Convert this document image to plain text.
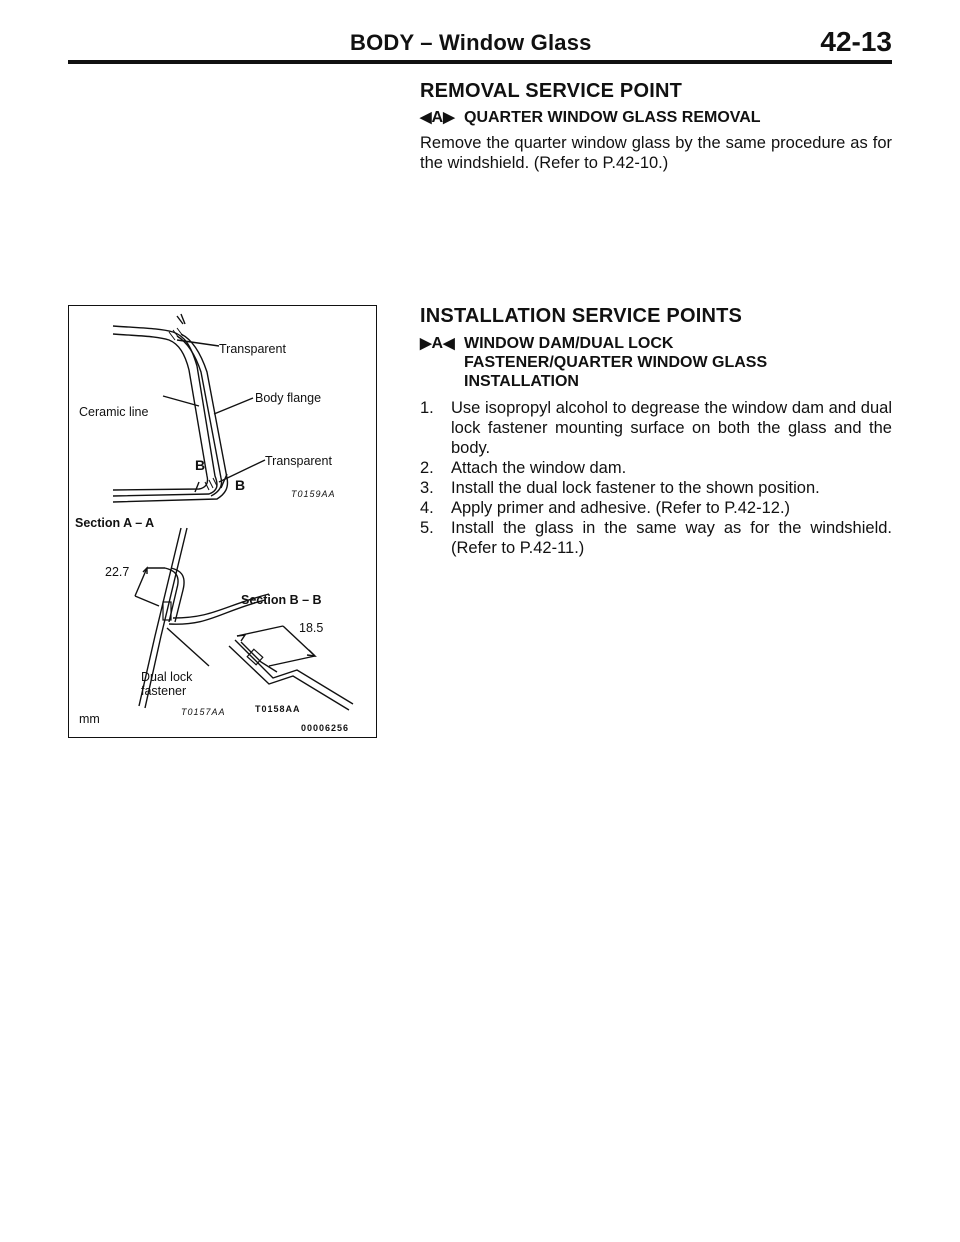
BODY – Window Glass	42-13
REMOVAL SERVICE POINT
◀A▶ QUARTER WINDOW GLASS REMOVAL
Remove the quarter window glass by the same procedure as for the windshield. (Refer to P.42-10.)
INSTALLATION SERVICE POINTS
▶A◀ WINDOW DAM/DUAL LOCK
FASTENER/QUARTER WINDOW GLASS
INSTALLATION
1. Use isopropyl alcohol to degrease the window dam and dual lock fastener mounting surface on both the glass and the body.
2. Attach the window dam.
3. Install the dual lock fastener to the shown position.
4. Apply primer and adhesive. (Refer to P.42-12.)
5. Install the glass in the same way as for the windshield. (Refer to P.42-11.)
Transparent
Body flange
Ceramic line
Transparent
B
B
T0159AA
Section A – A
22.7
Section B – B
18.5
Dual lock
fastener
mm	T0157AA	T0158AA
00006256
